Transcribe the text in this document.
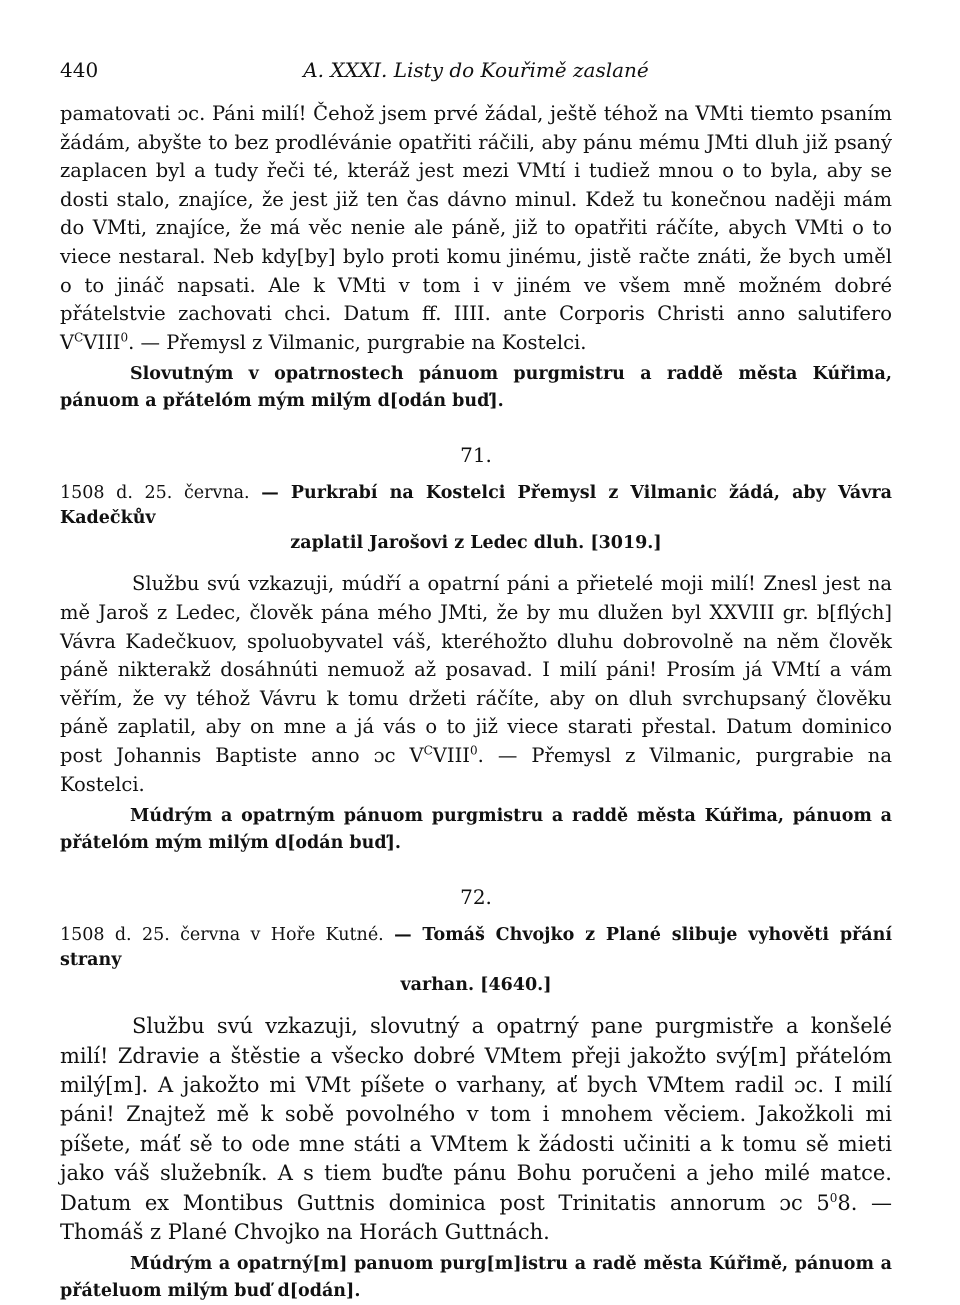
440	A. XXXI. Listy do Kouřimě zaslané

pamatovati ɔc. Páni milí! Čehož jsem prvé žádal, ještě téhož na VMti tiemto psaním žádám, abyšte to bez prodlévánie opatřiti ráčili, aby pánu mému JMti dluh již psaný zaplacen byl a tudy řeči té, kteráž jest mezi VMtí i tudiež mnou o to byla, aby se dosti stalo, znajíce, že jest již ten čas dávno minul. Kdež tu konečnou naději mám do VMti, znajíce, že má věc nenie ale páně, již to opatřiti ráčíte, abych VMti o to viece nestaral. Neb kdy[by] bylo proti komu jinému, jistě račte znáti, že bych uměl o to jináč napsati. Ale k VMti v tom i v jiném ve všem mně možném dobré přátelstvie zachovati chci. Datum ff. IIII. ante Corporis Christi anno salutifero $V^CVIII^0$. — Přemysl z Vilmanic, purgrabie na Kostelci.

Slovutným v opatrnostech pánuom purgmistru a raddě města Kúřima, pánuom a přátelóm mým milým d[odán buď].

71.

1508 d. 25. června. — Purkrabí na Kostelci Přemysl z Vilmanic žádá, aby Vávra Kadečkův
zaplatil Jarošovi z Ledec dluh. [3019.]

Službu svú vzkazuji, múdří a opatrní páni a přietelé moji milí! Znesl jest na mě Jaroš z Ledec, člověk pána mého JMti, že by mu dlužen byl XXVIII gr. b[flých] Vávra Kadečkuov, spoluobyvatel váš, kteréhožto dluhu dobrovolně na něm člověk páně nikterakž dosáhnúti nemuož až posavad. I milí páni! Prosím já VMtí a vám věřím, že vy téhož Vávru k tomu držeti ráčíte, aby on dluh svrchupsaný člověku páně zaplatil, aby on mne a já vás o to již viece starati přestal. Datum dominico post Johannis Baptiste anno ɔc $V^CVIII^0$. — Přemysl z Vilmanic, purgrabie na Kostelci.

Múdrým a opatrným pánuom purgmistru a raddě města Kúřima, pánuom a přátelóm mým milým d[odán buď].

72.

1508 d. 25. června v Hoře Kutné. — Tomáš Chvojko z Plané slibuje vyhověti přání strany
varhan. [4640.]

Službu svú vzkazuji, slovutný a opatrný pane purgmistře a konšelé milí! Zdravie a štěstie a všecko dobré VMtem přeji jakožto svý[m] přátelóm milý[m]. A jakožto mi VMt píšete o varhany, ať bych VMtem radil ɔc. I milí páni! Znajtež mě k sobě povolného v tom i mnohem věciem. Jakožkoli mi píšete, máť sě to ode mne státi a VMtem k žádosti učiniti a k tomu sě mieti jako váš služebník. A s tiem buďte pánu Bohu poručeni a jeho milé matce. Datum ex Montibus Guttnis dominica post Trinitatis annorum ɔc $5^08$. — Thomáš z Plané Chvojko na Horách Guttnách.

Múdrým a opatrný[m] panuom purg[m]istru a radě města Kúřimě, pánuom a přáteluom milým buď d[odán].
